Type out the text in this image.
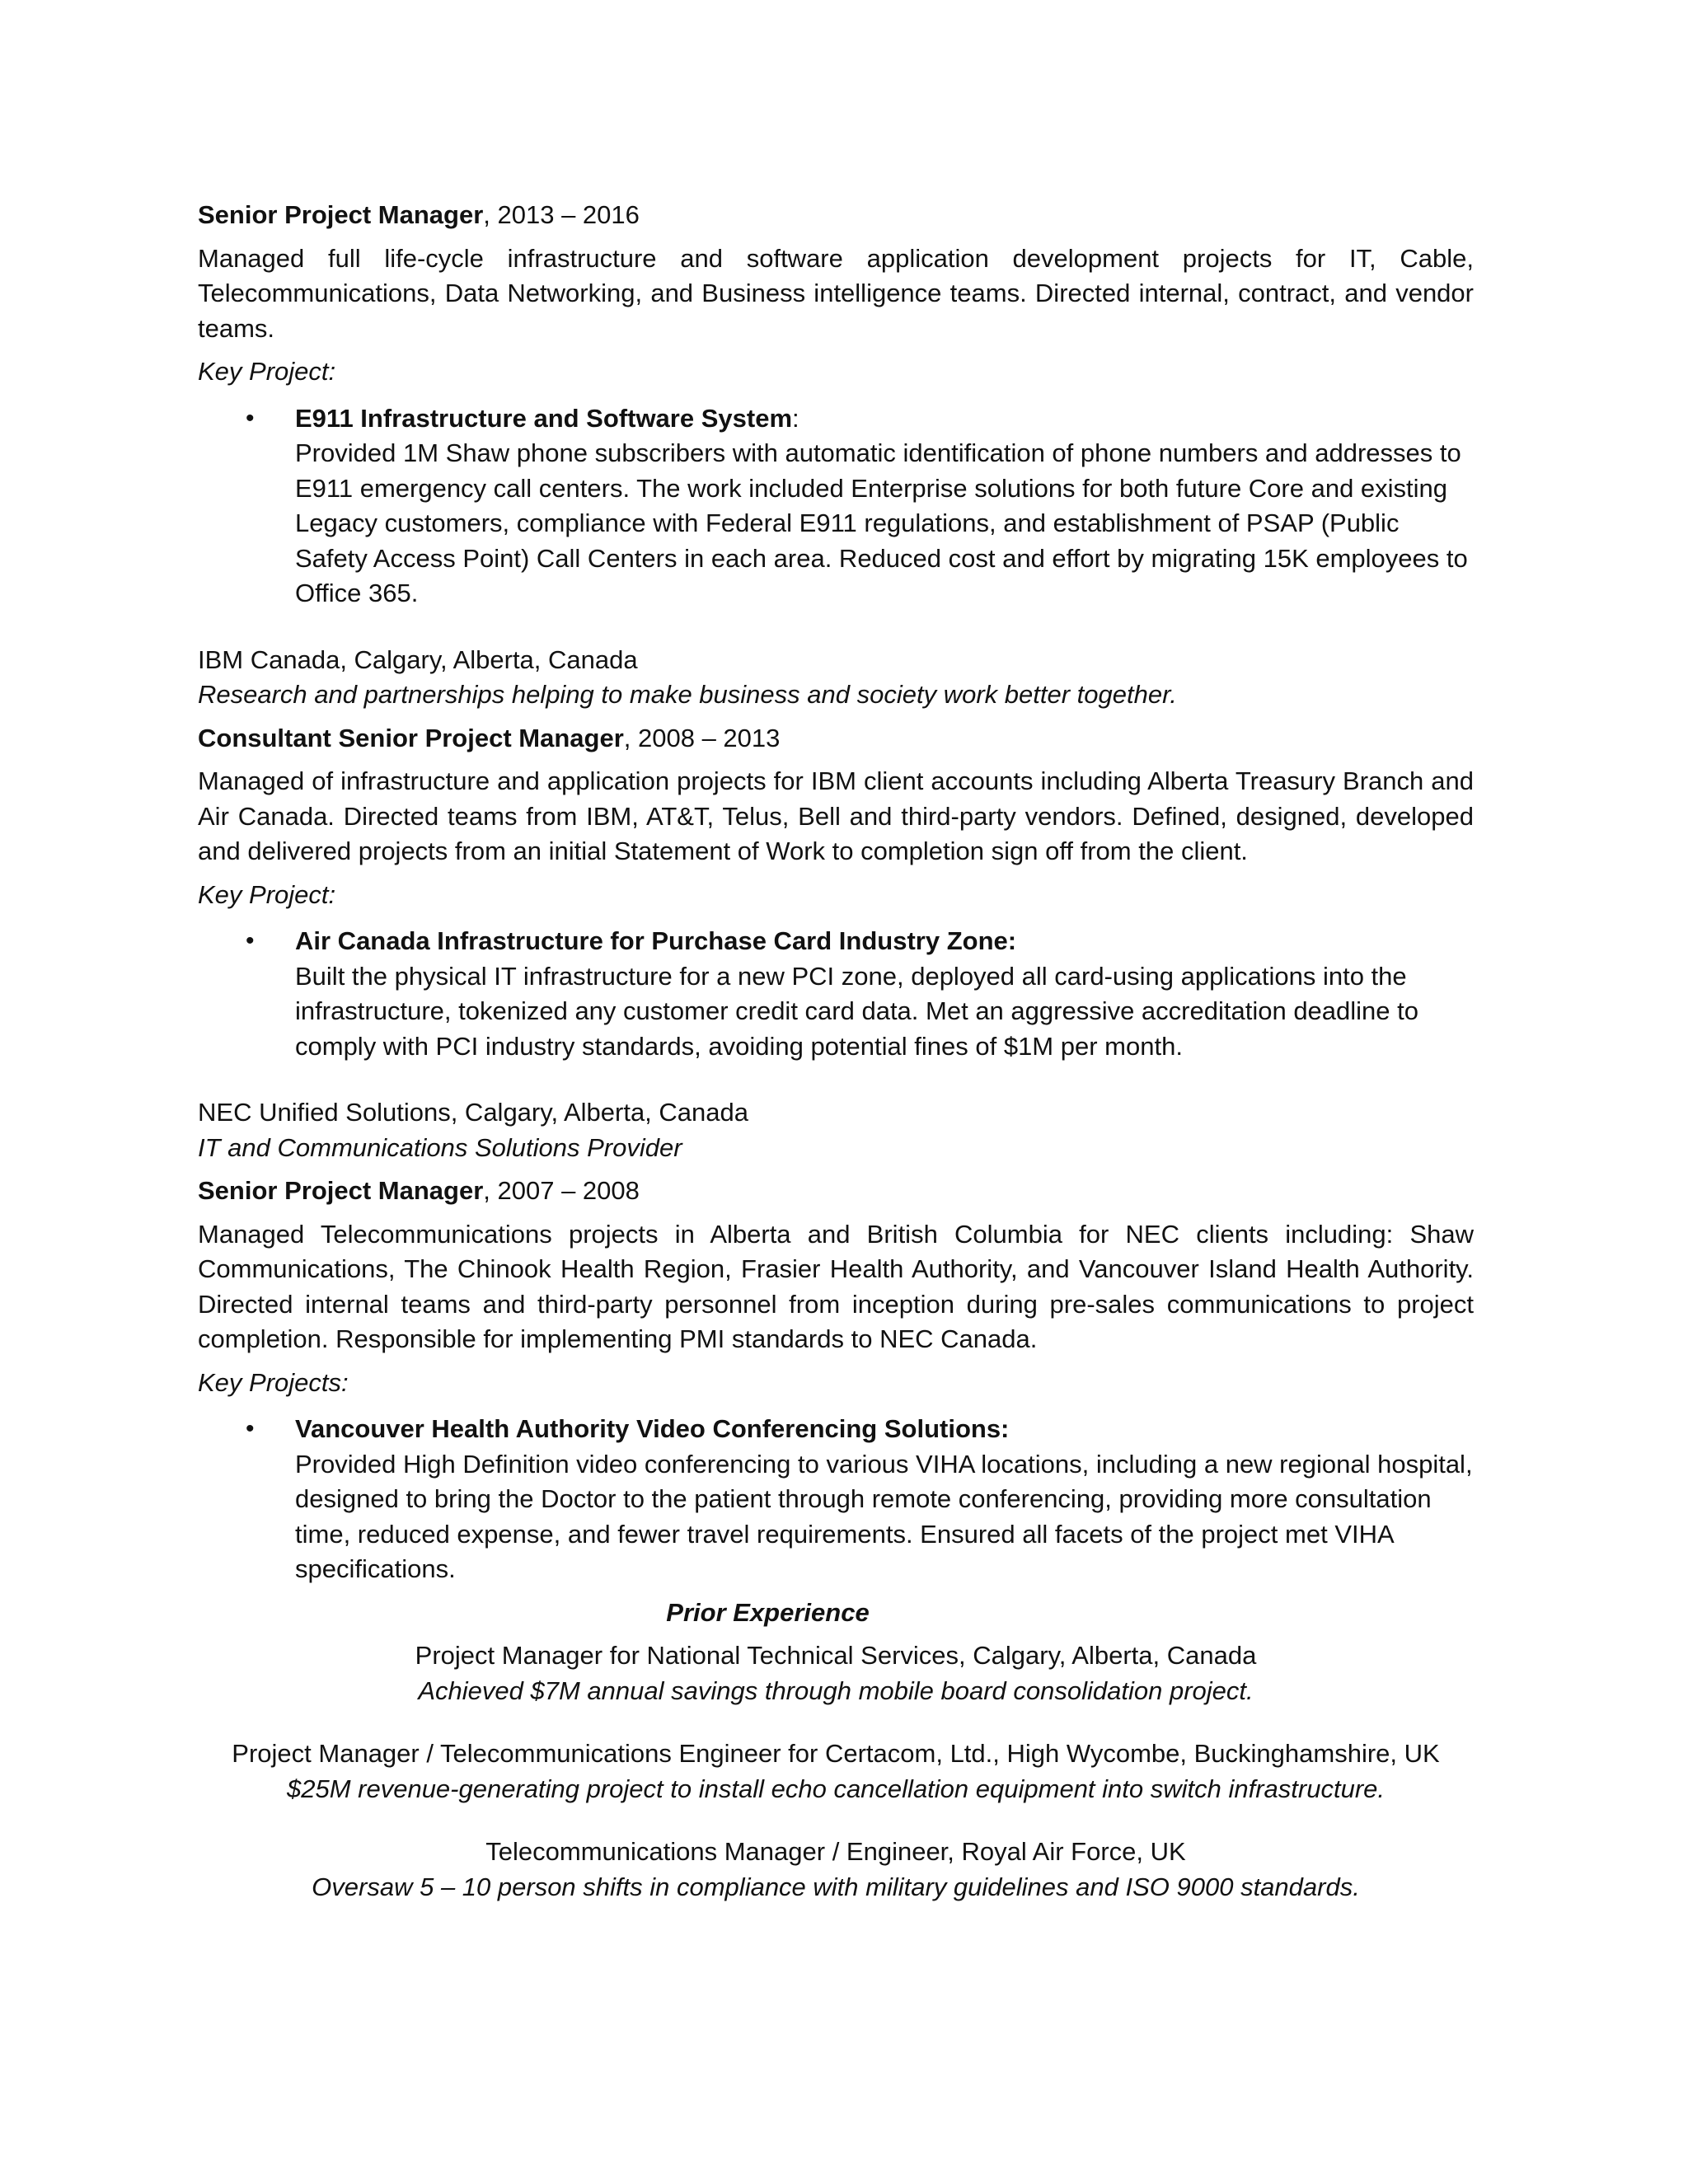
Senior Project Manager, 2013 – 2016

Managed full life-cycle infrastructure and software application development projects for IT, Cable, Telecommunications, Data Networking, and Business intelligence teams. Directed internal, contract, and vendor teams.

Key Project:

• E911 Infrastructure and Software System:
Provided 1M Shaw phone subscribers with automatic identification of phone numbers and addresses to E911 emergency call centers. The work included Enterprise solutions for both future Core and existing Legacy customers, compliance with Federal E911 regulations, and establishment of PSAP (Public Safety Access Point) Call Centers in each area. Reduced cost and effort by migrating 15K employees to Office 365.

IBM Canada, Calgary, Alberta, Canada

Research and partnerships helping to make business and society work better together.

Consultant Senior Project Manager, 2008 – 2013

Managed of infrastructure and application projects for IBM client accounts including Alberta Treasury Branch and Air Canada. Directed teams from IBM, AT&T, Telus, Bell and third-party vendors. Defined, designed, developed and delivered projects from an initial Statement of Work to completion sign off from the client.

Key Project:

• Air Canada Infrastructure for Purchase Card Industry Zone:
Built the physical IT infrastructure for a new PCI zone, deployed all card-using applications into the infrastructure, tokenized any customer credit card data. Met an aggressive accreditation deadline to comply with PCI industry standards, avoiding potential fines of $1M per month.

NEC Unified Solutions, Calgary, Alberta, Canada

IT and Communications Solutions Provider

Senior Project Manager, 2007 – 2008

Managed Telecommunications projects in Alberta and British Columbia for NEC clients including: Shaw Communications, The Chinook Health Region, Frasier Health Authority, and Vancouver Island Health Authority. Directed internal teams and third-party personnel from inception during pre-sales communications to project completion. Responsible for implementing PMI standards to NEC Canada.

Key Projects:

• Vancouver Health Authority Video Conferencing Solutions:
Provided High Definition video conferencing to various VIHA locations, including a new regional hospital, designed to bring the Doctor to the patient through remote conferencing, providing more consultation time, reduced expense, and fewer travel requirements. Ensured all facets of the project met VIHA specifications.

Prior Experience

Project Manager for National Technical Services, Calgary, Alberta, Canada
Achieved $7M annual savings through mobile board consolidation project.
Project Manager / Telecommunications Engineer for Certacom, Ltd., High Wycombe, Buckinghamshire, UK
$25M revenue-generating project to install echo cancellation equipment into switch infrastructure.
Telecommunications Manager / Engineer, Royal Air Force, UK
Oversaw 5 – 10 person shifts in compliance with military guidelines and ISO 9000 standards.
